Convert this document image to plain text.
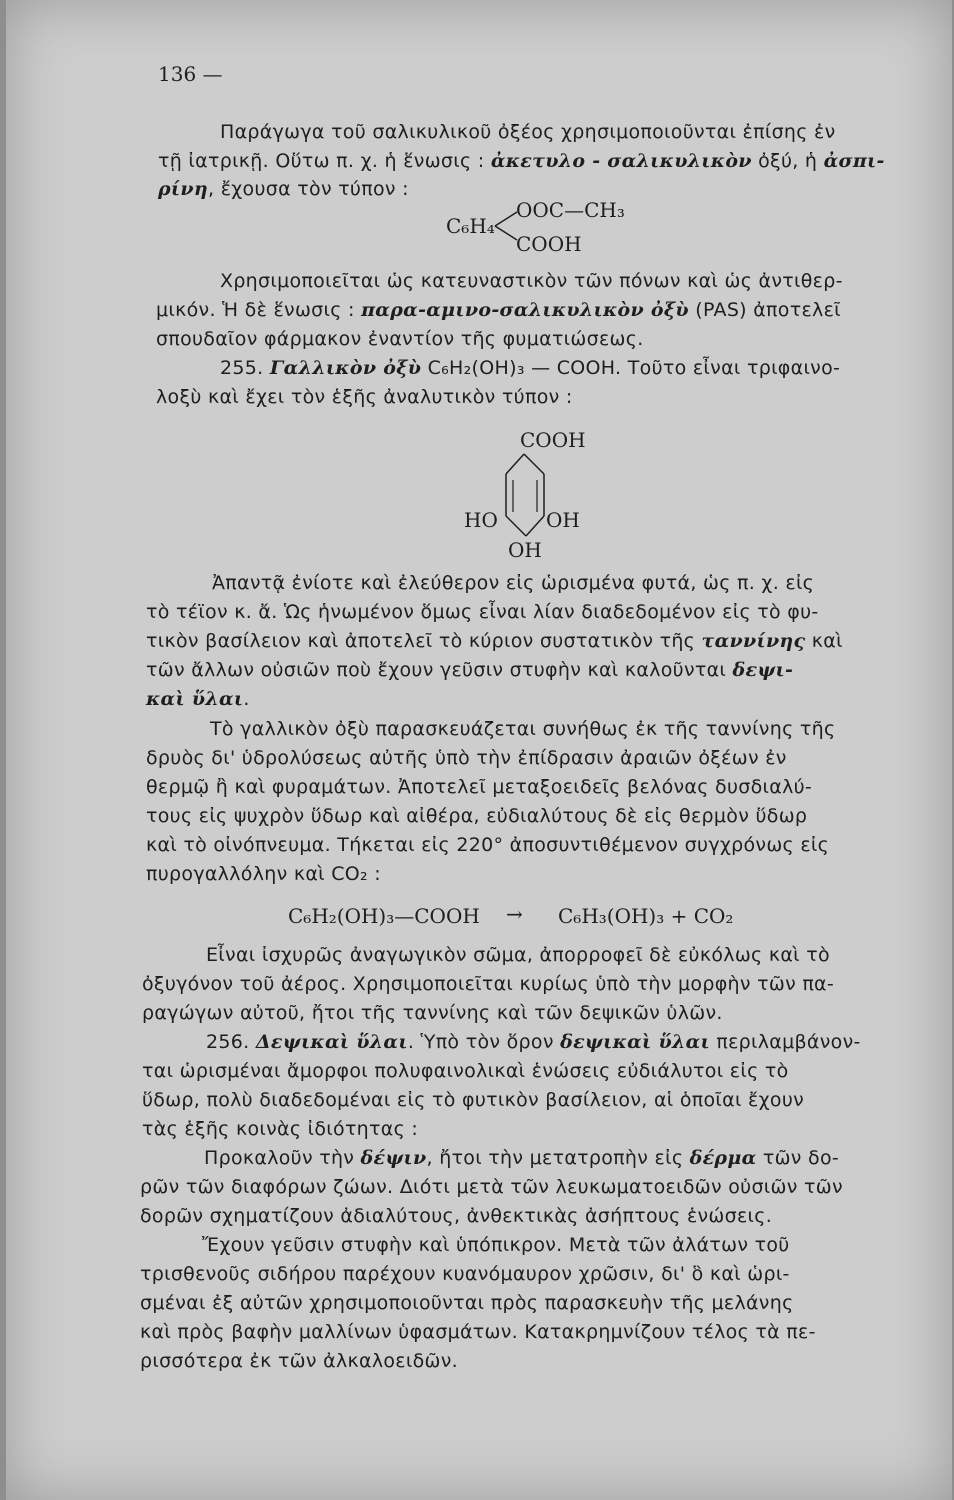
136 —
Παράγωγα τοῦ σαλικυλικοῦ ὀξέος χρησιμοποιοῦνται ἐπίσης ἐν
τῇ ἰατρικῇ. Οὕτω π. χ. ἡ ἕνωσις : ἀκετυλο - σαλικυλικὸν ὀξύ, ἡ ἀσπι-
ρίνη, ἔχουσα τὸν τύπον :
C₆H₄
OOC—CH₃
COOH
Χρησιμοποιεῖται ὡς κατευναστικὸν τῶν πόνων καὶ ὡς ἀντιθερ-
μικόν. Ἡ δὲ ἕνωσις : παρα-αμινο-σαλικυλικὸν ὀξὺ (PAS) ἀποτελεῖ
σπουδαῖον φάρμακον ἐναντίον τῆς φυματιώσεως.
255. Γαλλικὸν ὀξὺ C₆H₂(OH)₃ — COOH. Τοῦτο εἶναι τριφαινο-
λοξὺ καὶ ἔχει τὸν ἑξῆς ἀναλυτικὸν τύπον :
COOH
HO OH
OH
Ἀπαντᾷ ἐνίοτε καὶ ἐλεύθερον εἰς ὡρισμένα φυτά, ὡς π. χ. εἰς
τὸ τέϊον κ. ἄ. Ὡς ἡνωμένον ὅμως εἶναι λίαν διαδεδομένον εἰς τὸ φυ-
τικὸν βασίλειον καὶ ἀποτελεῖ τὸ κύριον συστατικὸν τῆς ταννίνης καὶ
τῶν ἄλλων οὐσιῶν ποὺ ἔχουν γεῦσιν στυφὴν καὶ καλοῦνται δεψι-
καὶ ὕλαι.
Τὸ γαλλικὸν ὀξὺ παρασκευάζεται συνήθως ἐκ τῆς ταννίνης τῆς
δρυὸς δι' ὑδρολύσεως αὐτῆς ὑπὸ τὴν ἐπίδρασιν ἀραιῶν ὀξέων ἐν
θερμῷ ἢ καὶ φυραμάτων. Ἀποτελεῖ μεταξοειδεῖς βελόνας δυσδιαλύ-
τους εἰς ψυχρὸν ὕδωρ καὶ αἰθέρα, εὐδιαλύτους δὲ εἰς θερμὸν ὕδωρ
καὶ τὸ οἰνόπνευμα. Τήκεται εἰς 220° ἀποσυντιθέμενον συγχρόνως εἰς
πυρογαλλόλην καὶ CO₂ :
C₆H₂(OH)₃—COOH → C₆H₃(OH)₃ + CO₂
Εἶναι ἰσχυρῶς ἀναγωγικὸν σῶμα, ἀπορροφεῖ δὲ εὐκόλως καὶ τὸ
ὀξυγόνον τοῦ ἀέρος. Χρησιμοποιεῖται κυρίως ὑπὸ τὴν μορφὴν τῶν πα-
ραγώγων αὐτοῦ, ἤτοι τῆς ταννίνης καὶ τῶν δεψικῶν ὑλῶν.
256. Δεψικαὶ ὕλαι. Ὑπὸ τὸν ὅρον δεψικαὶ ὕλαι περιλαμβάνον-
ται ὡρισμέναι ἄμορφοι πολυφαινολικαὶ ἑνώσεις εὐδιάλυτοι εἰς τὸ
ὕδωρ, πολὺ διαδεδομέναι εἰς τὸ φυτικὸν βασίλειον, αἱ ὁποῖαι ἔχουν
τὰς ἑξῆς κοινὰς ἰδιότητας :
Προκαλοῦν τὴν δέψιν, ἤτοι τὴν μετατροπὴν εἰς δέρμα τῶν δο-
ρῶν τῶν διαφόρων ζώων. Διότι μετὰ τῶν λευκωματοειδῶν οὐσιῶν τῶν
δορῶν σχηματίζουν ἀδιαλύτους, ἀνθεκτικὰς ἀσήπτους ἑνώσεις.
Ἔχουν γεῦσιν στυφὴν καὶ ὑπόπικρον. Μετὰ τῶν ἀλάτων τοῦ
τρισθενοῦς σιδήρου παρέχουν κυανόμαυρον χρῶσιν, δι' ὃ καὶ ὡρι-
σμέναι ἐξ αὐτῶν χρησιμοποιοῦνται πρὸς παρασκευὴν τῆς μελάνης
καὶ πρὸς βαφὴν μαλλίνων ὑφασμάτων. Κατακρημνίζουν τέλος τὰ πε-
ρισσότερα ἐκ τῶν ἀλκαλοειδῶν.
